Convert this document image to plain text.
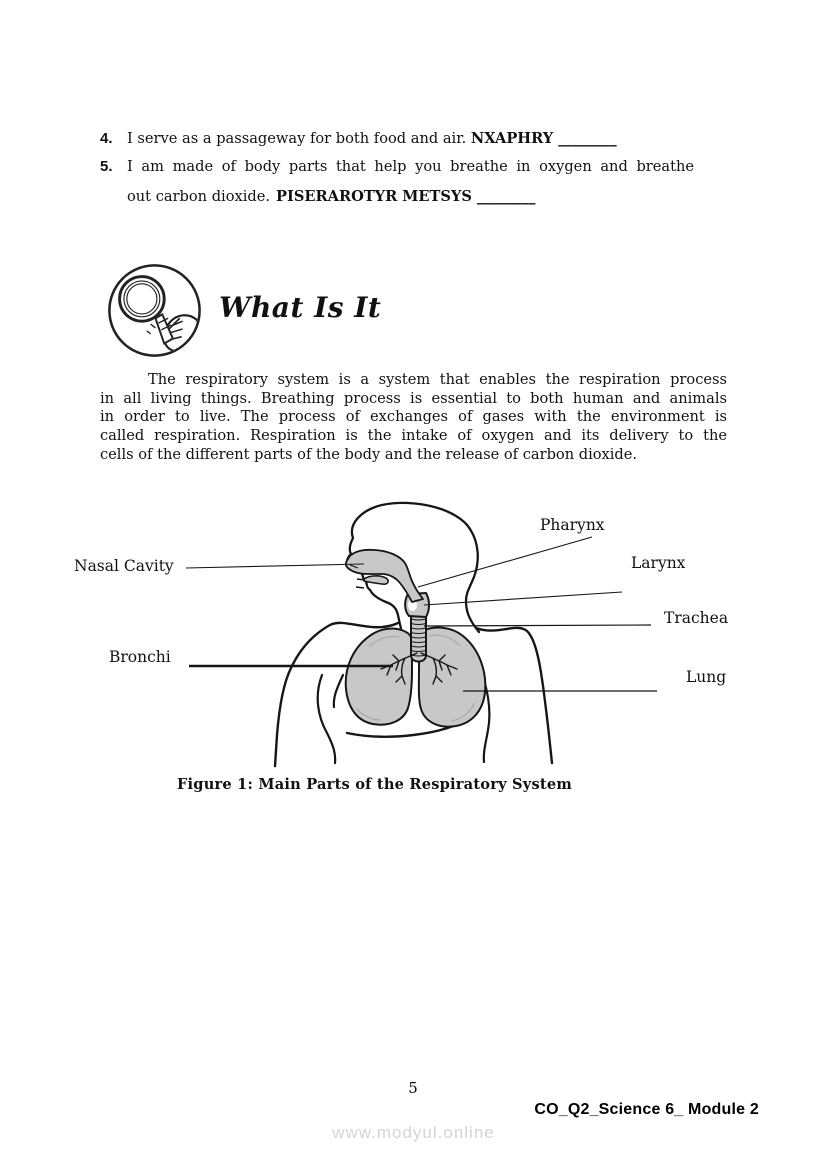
4. I serve as a passageway for both food and air. NXAPHRY ________
5. I am made of body parts that help you breathe in oxygen and breathe
out carbon dioxide. PISERAROTYR METSYS ________
What Is It
The respiratory system is a system that enables the respiration process
in all living things. Breathing process is essential to both human and animals
in order to live. The process of exchanges of gases with the environment is
called respiration. Respiration is the intake of oxygen and its delivery to the
cells of the different parts of the body and the release of carbon dioxide.
Pharynx
Nasal Cavity	Larynx
Trachea
Bronchi
Lung
Figure 1: Main Parts of the Respiratory System
5
CO_Q2_Science 6_ Module 2
www.modyul.online
